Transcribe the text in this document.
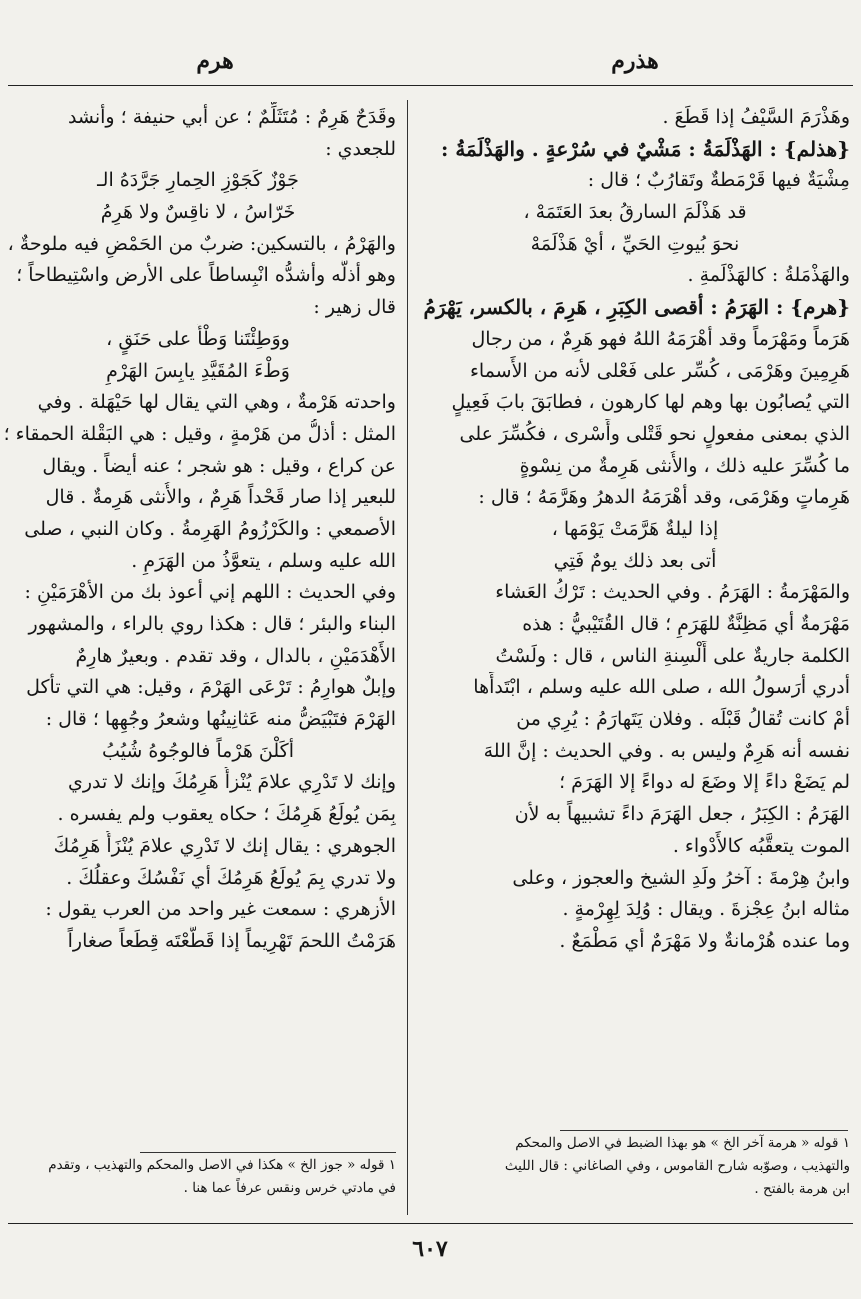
هذرم
هرم
وهَذْرَمَ السَّيْفُ إذا قَطَعَ .
{هذلم} : الهَذْلَمَةُ : مَشْيٌ في سُرْعةٍ . والهَذْلَمَةُ :
مِشْيَةٌ فيها قَرْمَطةٌ وتَقارُبٌ ؛ قال :
قد هَذْلَمَ السارقُ بعدَ العَتَمَهْ ،
نحوَ بُيوتِ الحَيِّ ، أيْ هَذْلَمَهْ
والهَذْمَلةُ : كالهَذْلَمةِ .
{هرم} : الهَرَمُ : أقصى الكِبَرِ ، هَرِمَ ، بالكسر، يَهْرَمُ
هَرَماً ومَهْرَماً وقد أهْرَمَهُ اللهُ فهو هَرِمٌ ، من رجال
هَرِمِينَ وهَرْمَى ، كُسِّر على فَعْلى لأنه من الأَسماء
التي يُصابُون بها وهم لها كارهون ، فطابَقَ بابَ فَعِيلٍ
الذي بمعنى مفعولٍ نحو قَتْلى وأَسْرى ، فكُسِّرَ على
ما كُسِّرَ عليه ذلك ، والأُنثى هَرِمةٌ من نِسْوةٍ
هَرِماتٍ وهَرْمَى، وقد أهْرَمَهُ الدهرُ وهَرَّمَهُ ؛ قال :
إذا ليلةٌ هَرَّمَتْ يَوْمَها ،
أتى بعد ذلك يومٌ فَتِي
والمَهْرَمةُ : الهَرَمُ . وفي الحديث : تَرْكُ العَشاء
مَهْرَمةٌ أي مَظِنَّةٌ للهَرَمِ ؛ قال القُتَيْبيُّ : هذه
الكلمة جاريةٌ على أَلْسِنةِ الناس ، قال : ولَسْتُ
أدري أرَسولُ الله ، صلى الله عليه وسلم ، ابْتَدأَها
أمْ كانت تُقالُ قَبْلَه . وفلان يَتَهارَمُ : يُرِي من
نفسه أنه هَرِمٌ وليس به . وفي الحديث : إنَّ اللهَ
لم يَضَعْ داءً إلا وضَعَ له دواءً إلا الهَرَمَ ؛
الهَرَمُ : الكِبَرُ ، جعل الهَرَمَ داءً تشبيهاً به لأن
الموت يتعقَّبُه كالأَدْواء .
وابنُ هِرْمةَ : آخرُ ولَدِ الشيخ والعجوز ، وعلى
مثاله ابنُ عِجْزةَ . ويقال : وُلِدَ لِهِرْمةٍ .
وما عنده هُرْمانةٌ ولا مَهْرَمٌ أي مَطْمَعٌ .
وقَدَحٌ هَرِمٌ : مُتَثَلِّمٌ ؛ عن أبي حنيفة ؛ وأنشد
للجعدي :
جَوْزٌ كَجَوْزِ الحِمارِ جَرَّدَهُ الـ
خَرّاسُ ، لا ناقِسٌ ولا هَرِمُ
والهَرْمُ ، بالتسكين: ضربٌ من الحَمْضِ فيه ملوحةٌ ،
وهو أذلُّه وأشدُّه انْبِساطاً على الأرض واسْتِيطاحاً ؛
قال زهير :
ووَطِئْتَنا وَطْأً على حَنَقٍ ،
وَطْءَ المُقَيَّدِ يابِسَ الهَرْمِ
واحدته هَرْمةٌ ، وهي التي يقال لها حَيْهَلة . وفي
المثل : أذلُّ من هَرْمةٍ ، وقيل : هي البَقْلة الحمقاء ؛
عن كراع ، وقيل : هو شجر ؛ عنه أيضاً . ويقال
للبعير إذا صار قَحْداً هَرِمٌ ، والأُنثى هَرِمةٌ . قال
الأصمعي : والكَرْزُومُ الهَرِمةُ . وكان النبي ، صلى
الله عليه وسلم ، يتعوَّذُ من الهَرَمِ .
وفي الحديث : اللهم إني أعوذ بك من الأهْرَمَيْنِ :
البناء والبئر ؛ قال : هكذا روي بالراء ، والمشهور
الأَهْدَمَيْنِ ، بالدال ، وقد تقدم . وبعيرٌ هارِمٌ
وإبلٌ هوارِمُ : تَرْعَى الهَرْمَ ، وقيل: هي التي تأكل
الهَرْمَ فتَبْيَضُّ منه عَثانِينُها وشعرُ وجُهِها ؛ قال :
أكَلْنَ هَرْماً فالوجُوهُ شُيُبُ
وإنك لا تَدْرِي علامَ يُنْزأُ هَرِمُكَ وإنك لا تدري
بِمَن يُولَعُ هَرِمُكَ ؛ حكاه يعقوب ولم يفسره .
الجوهري : يقال إنك لا تَدْرِي علامَ يُنْزَأُ هَرِمُكَ
ولا تدري بِمَ يُولَعُ هَرِمُكَ أي نَفْسُكَ وعقلُكَ .
الأزهري : سمعت غير واحد من العرب يقول :
هَرَمْتُ اللحمَ تَهْرِيماً إذا قَطَّعْتَه قِطَعاً صغاراً
١ قوله « هرمة آخر الخ » هو بهذا الضبط في الاصل والمحكم
والتهذيب ، وصوّبه شارح القاموس ، وفي الصاغاني : قال الليث
ابن هرمة بالفتح .
١ قوله « جوز الخ » هكذا في الاصل والمحكم والتهذيب ، وتقدم
في مادتي خرس ونقس عرفاً عما هنا .
٦٠٧
